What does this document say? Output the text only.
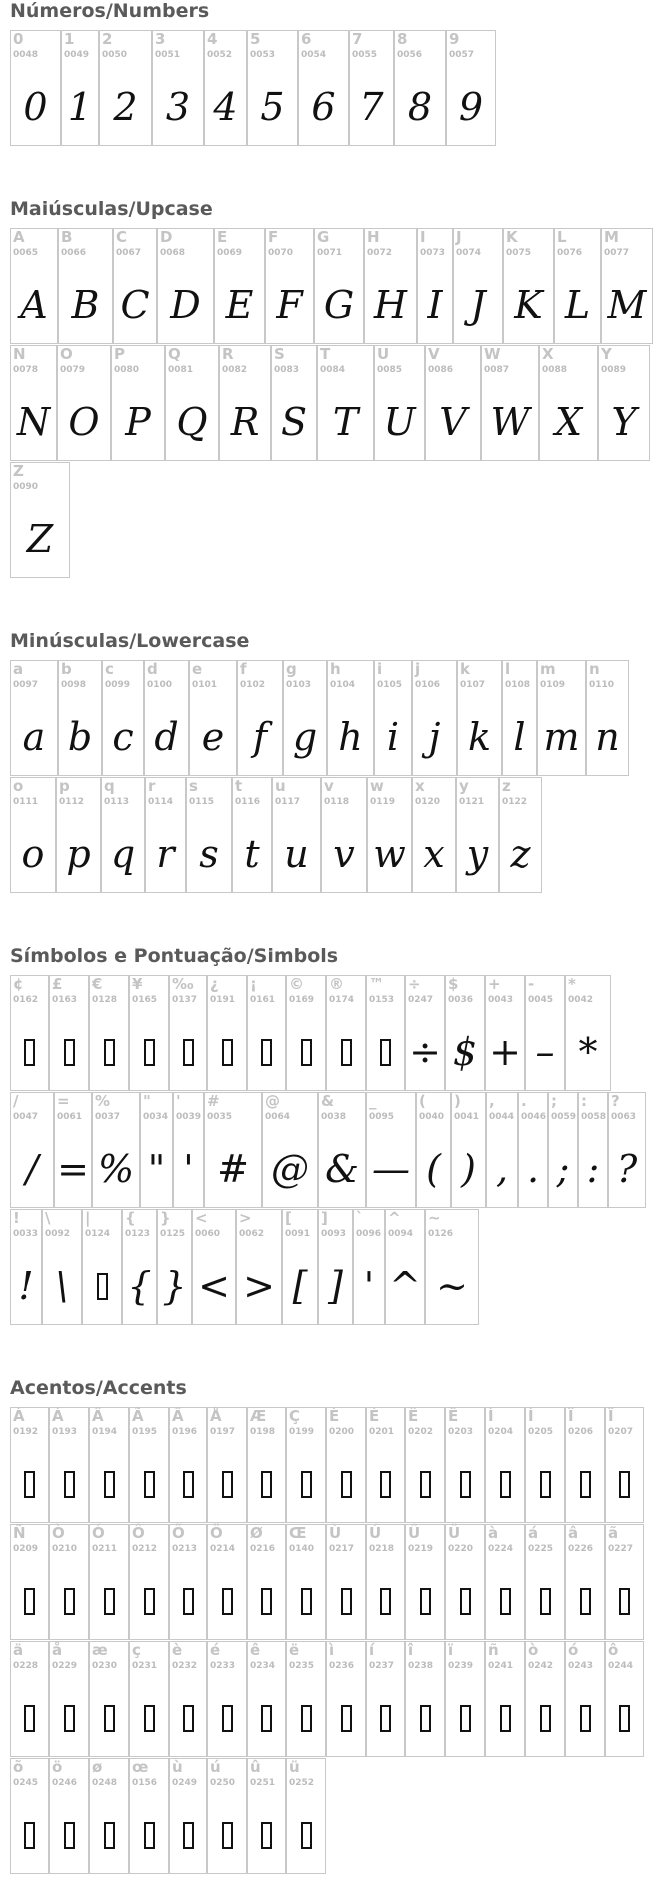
Números/Numbers
0
0048
0
1
0049
1
2
0050
2
3
0051
3
4
0052
4
5
0053
5
6
0054
6
7
0055
7
8
0056
8
9
0057
9
Maiúsculas/Upcase
A
0065
A
B
0066
B
C
0067
C
D
0068
D
E
0069
E
F
0070
F
G
0071
G
H
0072
H
I
0073
I
J
0074
J
K
0075
K
L
0076
L
M
0077
M
N
0078
N
O
0079
O
P
0080
P
Q
0081
Q
R
0082
R
S
0083
S
T
0084
T
U
0085
U
V
0086
V
W
0087
W
X
0088
X
Y
0089
Y
Z
0090
Z
Minúsculas/Lowercase
a
0097
a
b
0098
b
c
0099
c
d
0100
d
e
0101
e
f
0102
f
g
0103
g
h
0104
h
i
0105
i
j
0106
j
k
0107
k
l
0108
l
m
0109
m
n
0110
n
o
0111
o
p
0112
p
q
0113
q
r
0114
r
s
0115
s
t
0116
t
u
0117
u
v
0118
v
w
0119
w
x
0120
x
y
0121
y
z
0122
z
Símbolos e Pontuação/Simbols
¢
0162
£
0163
€
0128
¥
0165
‰
0137
¿
0191
¡
0161
©
0169
®
0174
™
0153
÷
0247
÷
$
0036
$
+
0043
+
-
0045
–
*
0042
*
/
0047
/
=
0061
=
%
0037
%
"
0034
"
'
0039
'
#
0035
#
@
0064
@
&
0038
&
_
0095
—
(
0040
(
)
0041
)
,
0044
,
.
0046
.
;
0059
;
:
0058
:
?
0063
?
!
0033
!
\
0092
\
|
0124
{
0123
{
}
0125
}
<
0060
<
>
0062
>
[
0091
[
]
0093
]
`
0096
'
^
0094
^
~
0126
~
Acentos/Accents
À
0192
Á
0193
Â
0194
Ã
0195
Ä
0196
Å
0197
Æ
0198
Ç
0199
È
0200
É
0201
Ê
0202
Ë
0203
Ì
0204
Í
0205
Î
0206
Ï
0207
Ñ
0209
Ò
0210
Ó
0211
Ô
0212
Õ
0213
Ö
0214
Ø
0216
Œ
0140
Ù
0217
Ú
0218
Û
0219
Ü
0220
à
0224
á
0225
â
0226
ã
0227
ä
0228
å
0229
æ
0230
ç
0231
è
0232
é
0233
ê
0234
ë
0235
ì
0236
í
0237
î
0238
ï
0239
ñ
0241
ò
0242
ó
0243
ô
0244
õ
0245
ö
0246
ø
0248
œ
0156
ù
0249
ú
0250
û
0251
ü
0252
